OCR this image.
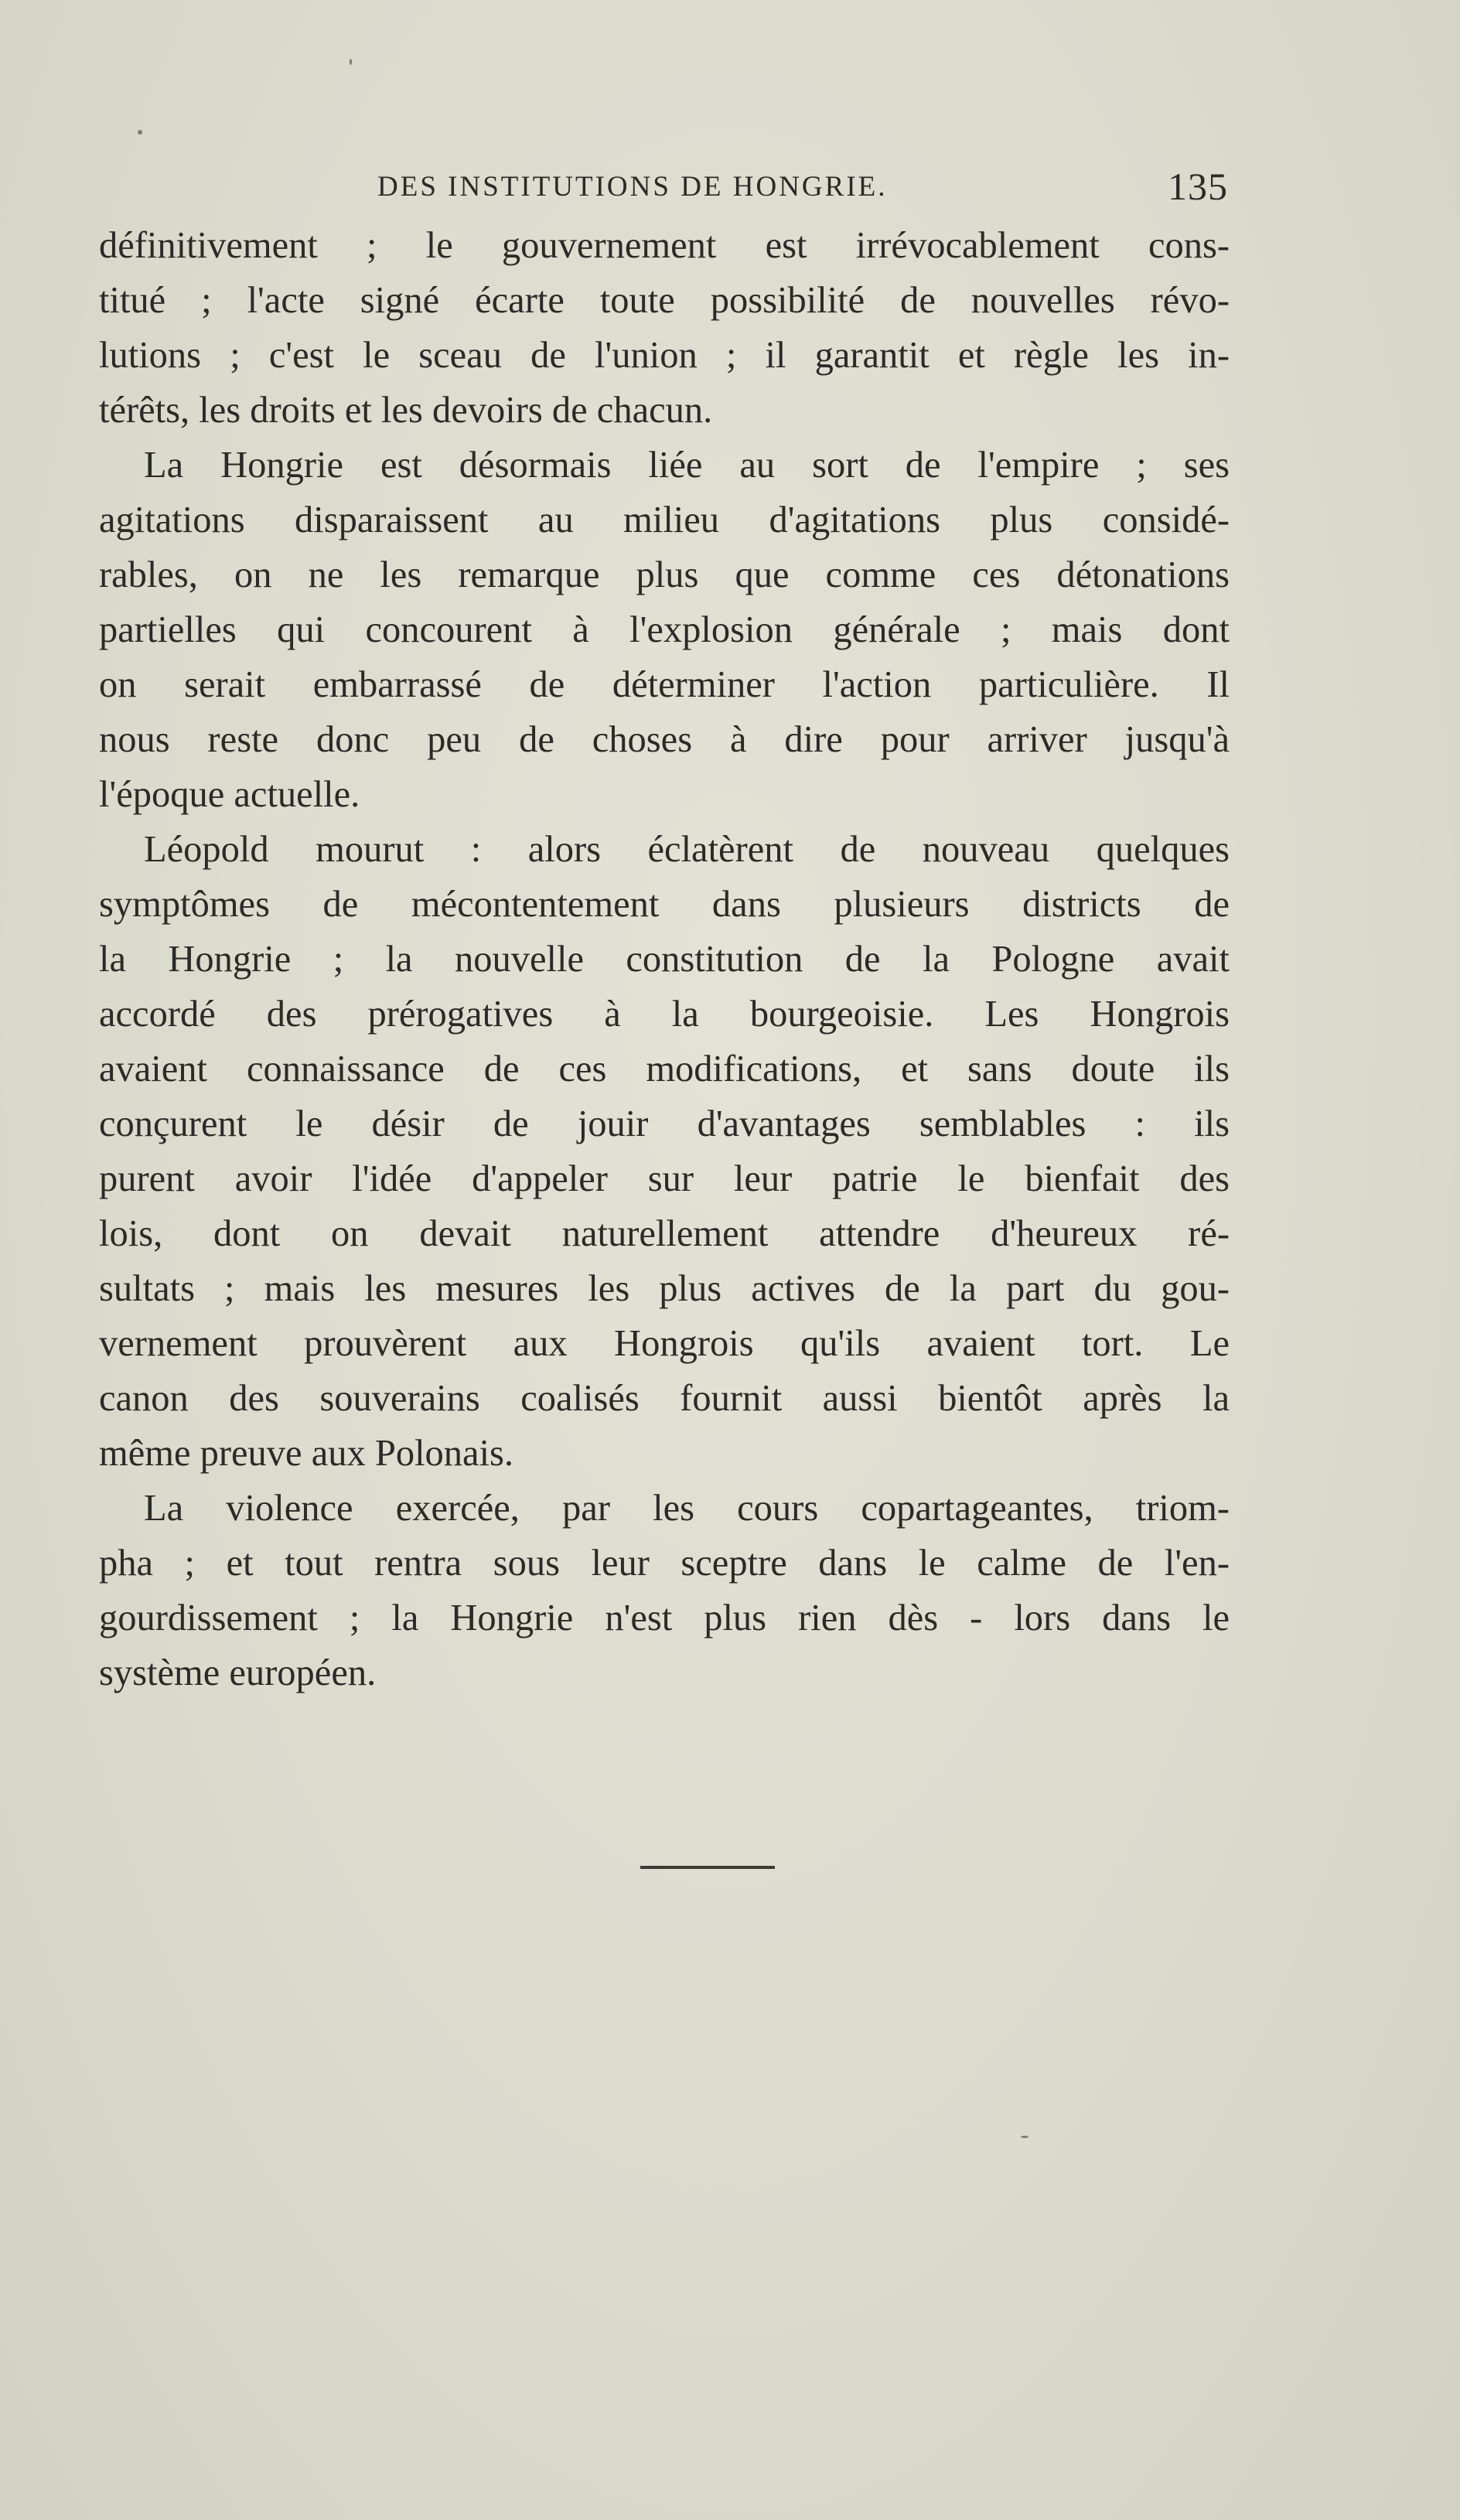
DES INSTITUTIONS DE HONGRIE.	135
définitivement ; le gouvernement est irrévocablement cons-
titué ; l'acte signé écarte toute possibilité de nouvelles révo-
lutions ; c'est le sceau de l'union ; il garantit et règle les in-
térêts, les droits et les devoirs de chacun.
La Hongrie est désormais liée au sort de l'empire ; ses
agitations disparaissent au milieu d'agitations plus considé-
rables, on ne les remarque plus que comme ces détonations
partielles qui concourent à l'explosion générale ; mais dont
on serait embarrassé de déterminer l'action particulière. Il
nous reste donc peu de choses à dire pour arriver jusqu'à
l'époque actuelle.
Léopold mourut : alors éclatèrent de nouveau quelques
symptômes de mécontentement dans plusieurs districts de
la Hongrie ; la nouvelle constitution de la Pologne avait
accordé des prérogatives à la bourgeoisie. Les Hongrois
avaient connaissance de ces modifications, et sans doute ils
conçurent le désir de jouir d'avantages semblables : ils
purent avoir l'idée d'appeler sur leur patrie le bienfait des
lois, dont on devait naturellement attendre d'heureux ré-
sultats ; mais les mesures les plus actives de la part du gou-
vernement prouvèrent aux Hongrois qu'ils avaient tort. Le
canon des souverains coalisés fournit aussi bientôt après la
même preuve aux Polonais.
La violence exercée, par les cours copartageantes, triom-
pha ; et tout rentra sous leur sceptre dans le calme de l'en-
gourdissement ; la Hongrie n'est plus rien dès - lors dans le
système européen.
